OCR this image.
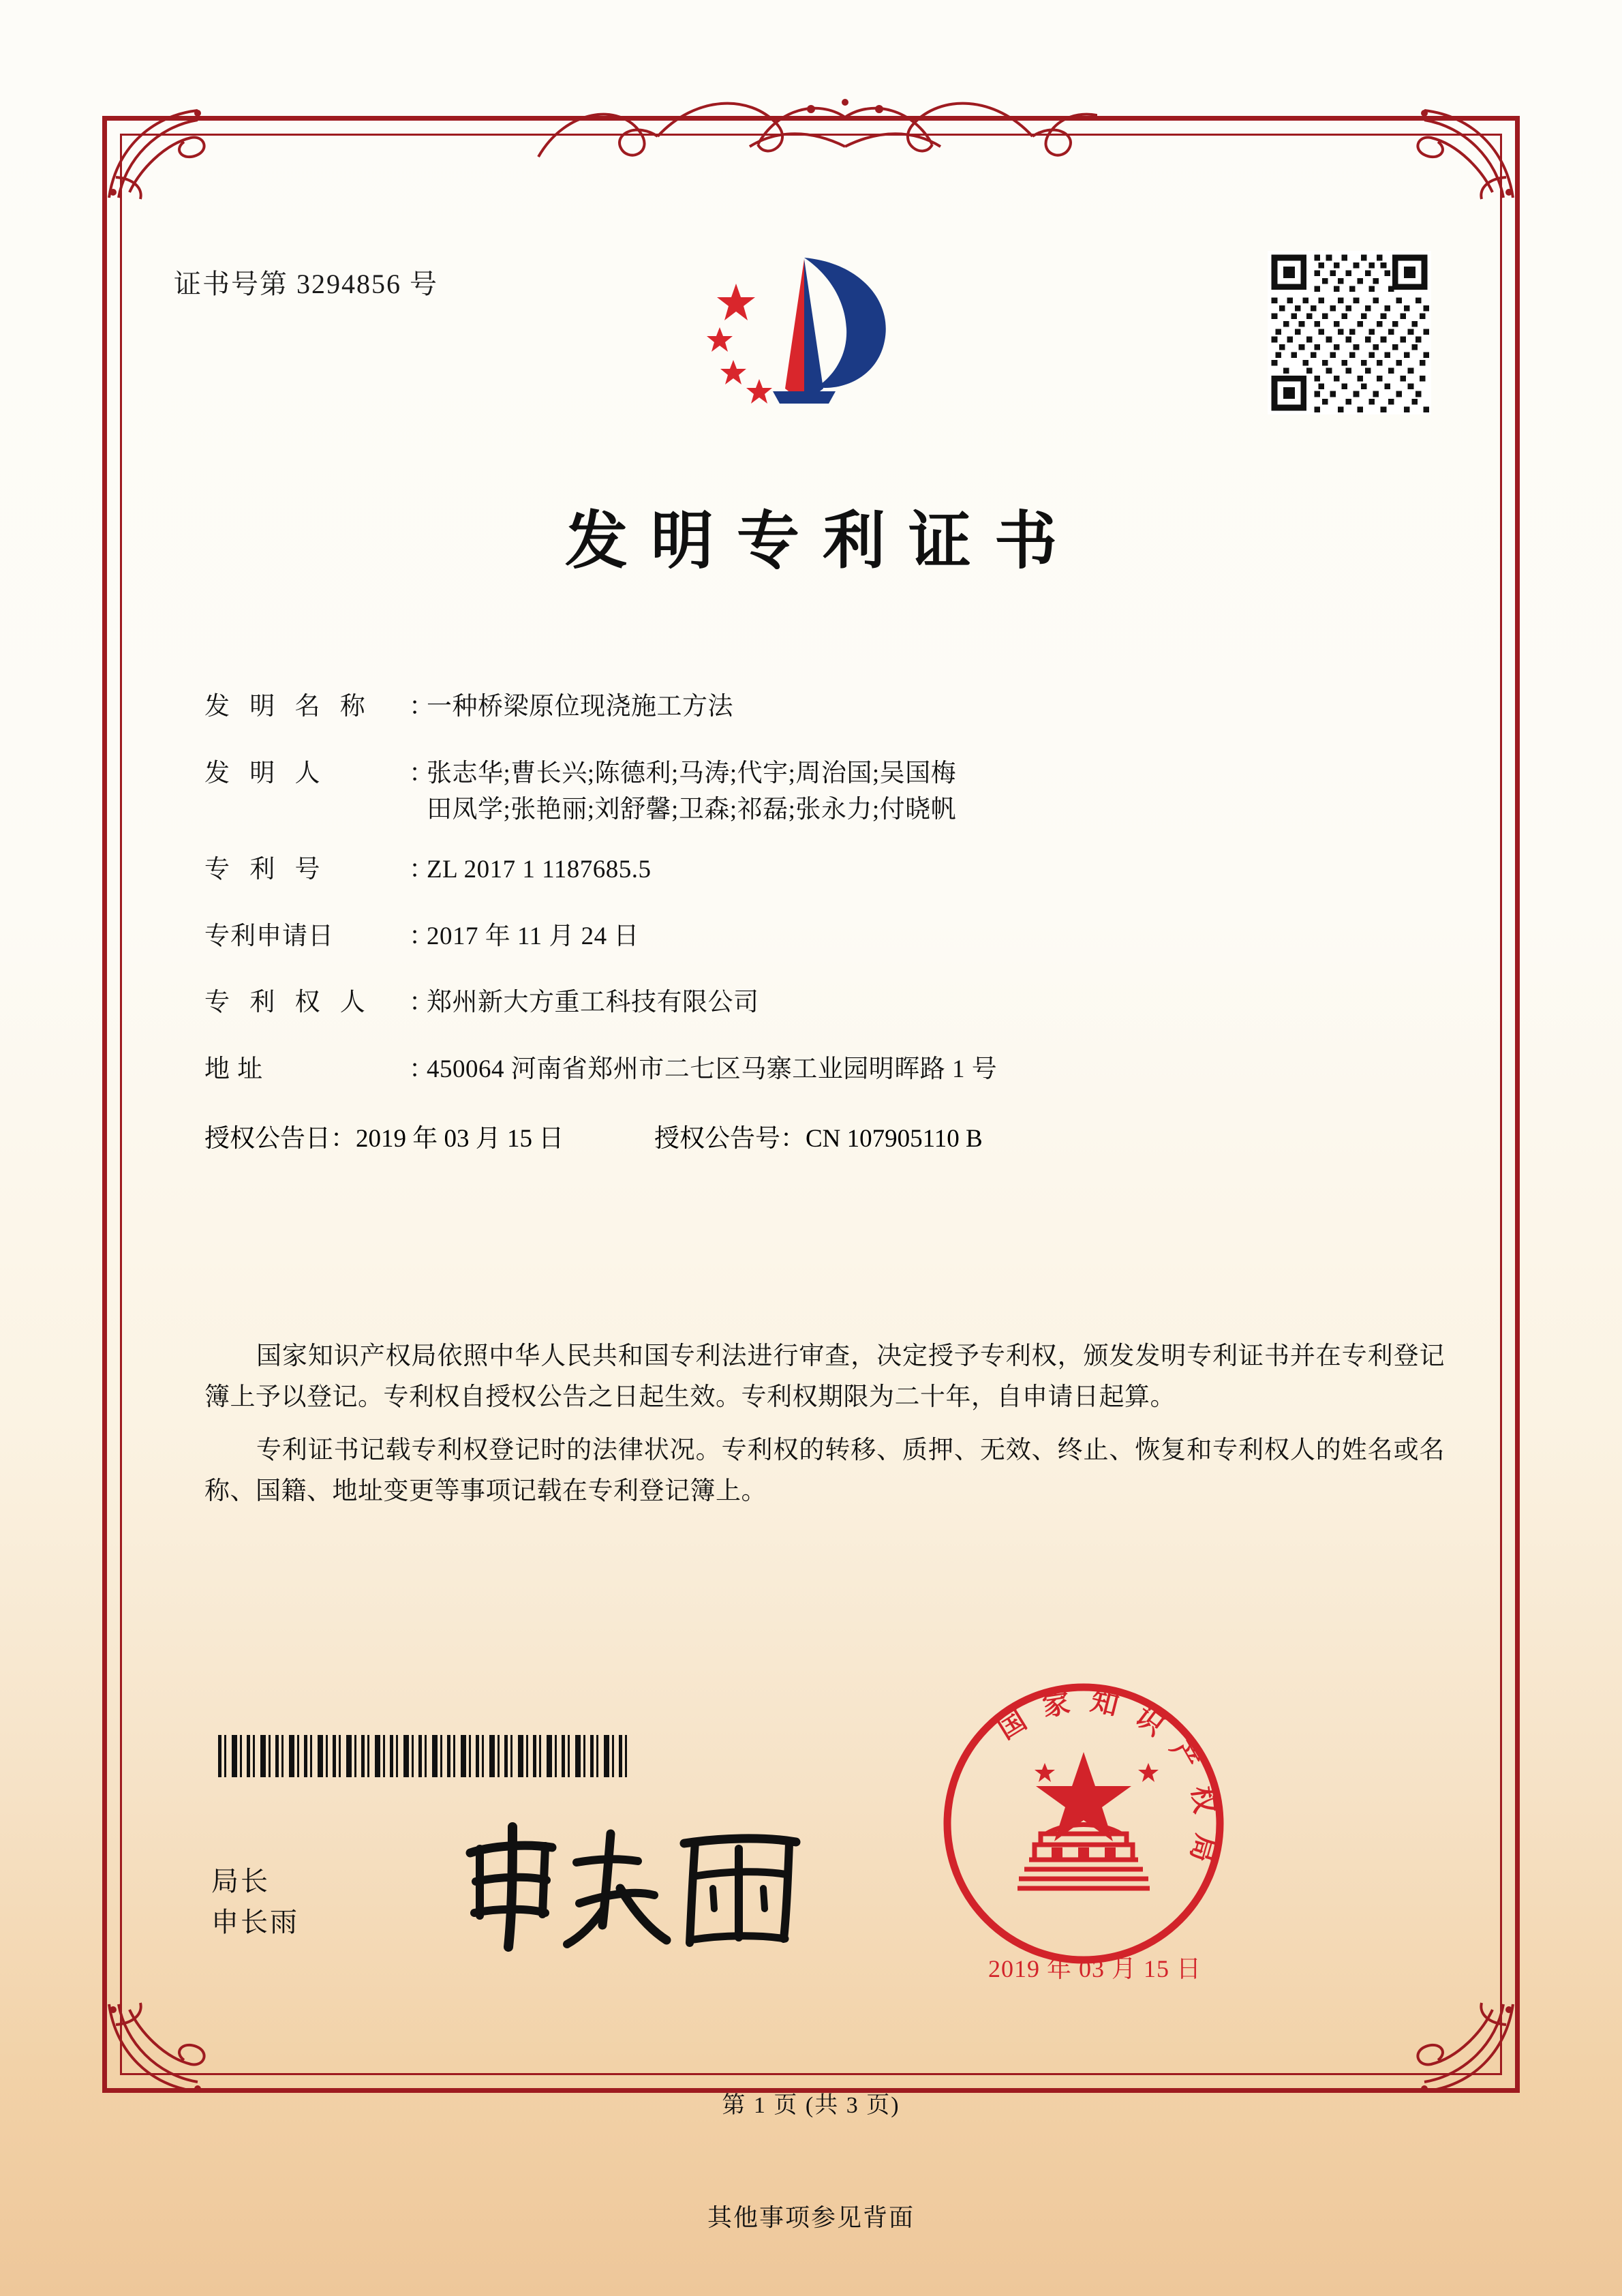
证书号第 3294856 号
发明专利证书
发 明 名 称	：
一种桥梁原位现浇施工方法
发 明 人	：
张志华;曹长兴;陈德利;马涛;代宇;周治国;吴国梅
田凤学;张艳丽;刘舒馨;卫森;祁磊;张永力;付晓帆
专 利 号	：
ZL 2017 1 1187685.5
专利申请日	：
2017 年 11 月 24 日
专 利 权 人	：
郑州新大方重工科技有限公司
地 址	：
450064 河南省郑州市二七区马寨工业园明晖路 1 号
授权公告日：2019 年 03 月 15 日	授权公告号：CN 107905110 B

国家知识产权局依照中华人民共和国专利法进行审查，决定授予专利权，颁发发明专利证书并在专利登记簿上予以登记。专利权自授权公告之日起生效。专利权期限为二十年，自申请日起算。

专利证书记载专利权登记时的法律状况。专利权的转移、质押、无效、终止、恢复和专利权人的姓名或名称、国籍、地址变更等事项记载在专利登记簿上。

局长
申长雨
国家知识产权局
2019 年 03 月 15 日
第 1 页 (共 3 页)
其他事项参见背面
